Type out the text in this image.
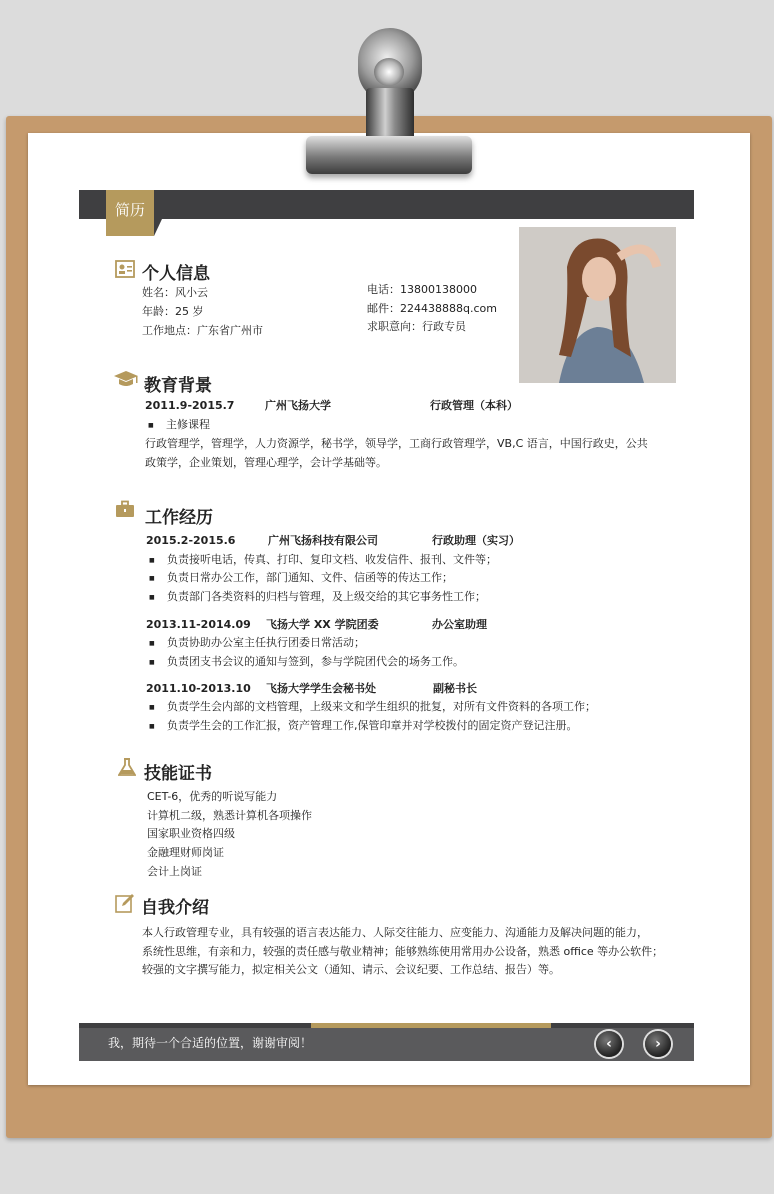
简历
个人信息
姓名：风小云
年龄：25 岁
工作地点：广东省广州市
电话：13800138000
邮件：224438888q.com
求职意向：行政专员
教育背景
2011.9-2015.7	广州飞扬大学	行政管理（本科）
■ 主修课程
行政管理学，管理学，人力资源学，秘书学，领导学，工商行政管理学，VB,C 语言，中国行政史，公共
政策学，企业策划，管理心理学，会计学基础等。
工作经历
2015.2-2015.6	广州飞扬科技有限公司	行政助理（实习）
■ 负责接听电话，传真、打印、复印文档、收发信件、报刊、文件等；
■ 负责日常办公工作，部门通知、文件、信函等的传达工作；
■ 负责部门各类资料的归档与管理，及上级交给的其它事务性工作；
2013.11-2014.09 飞扬大学 XX 学院团委	办公室助理
■ 负责协助办公室主任执行团委日常活动；
■ 负责团支书会议的通知与签到，参与学院团代会的场务工作。
2011.10-2013.10 飞扬大学学生会秘书处	副秘书长
■ 负责学生会内部的文档管理，上级来文和学生组织的批复，对所有文件资料的各项工作；
■ 负责学生会的工作汇报，资产管理工作,保管印章并对学校拨付的固定资产登记注册。
技能证书
CET-6，优秀的听说写能力
计算机二级，熟悉计算机各项操作
国家职业资格四级
金融理财师岗证
会计上岗证
自我介绍
本人行政管理专业，具有较强的语言表达能力、人际交往能力、应变能力、沟通能力及解决问题的能力，
系统性思维，有亲和力，较强的责任感与敬业精神；能够熟练使用常用办公设备，熟悉 office 等办公软件；
较强的文字撰写能力，拟定相关公文（通知、请示、会议纪要、工作总结、报告）等。
我，期待一个合适的位置，谢谢审阅！	‹	›
